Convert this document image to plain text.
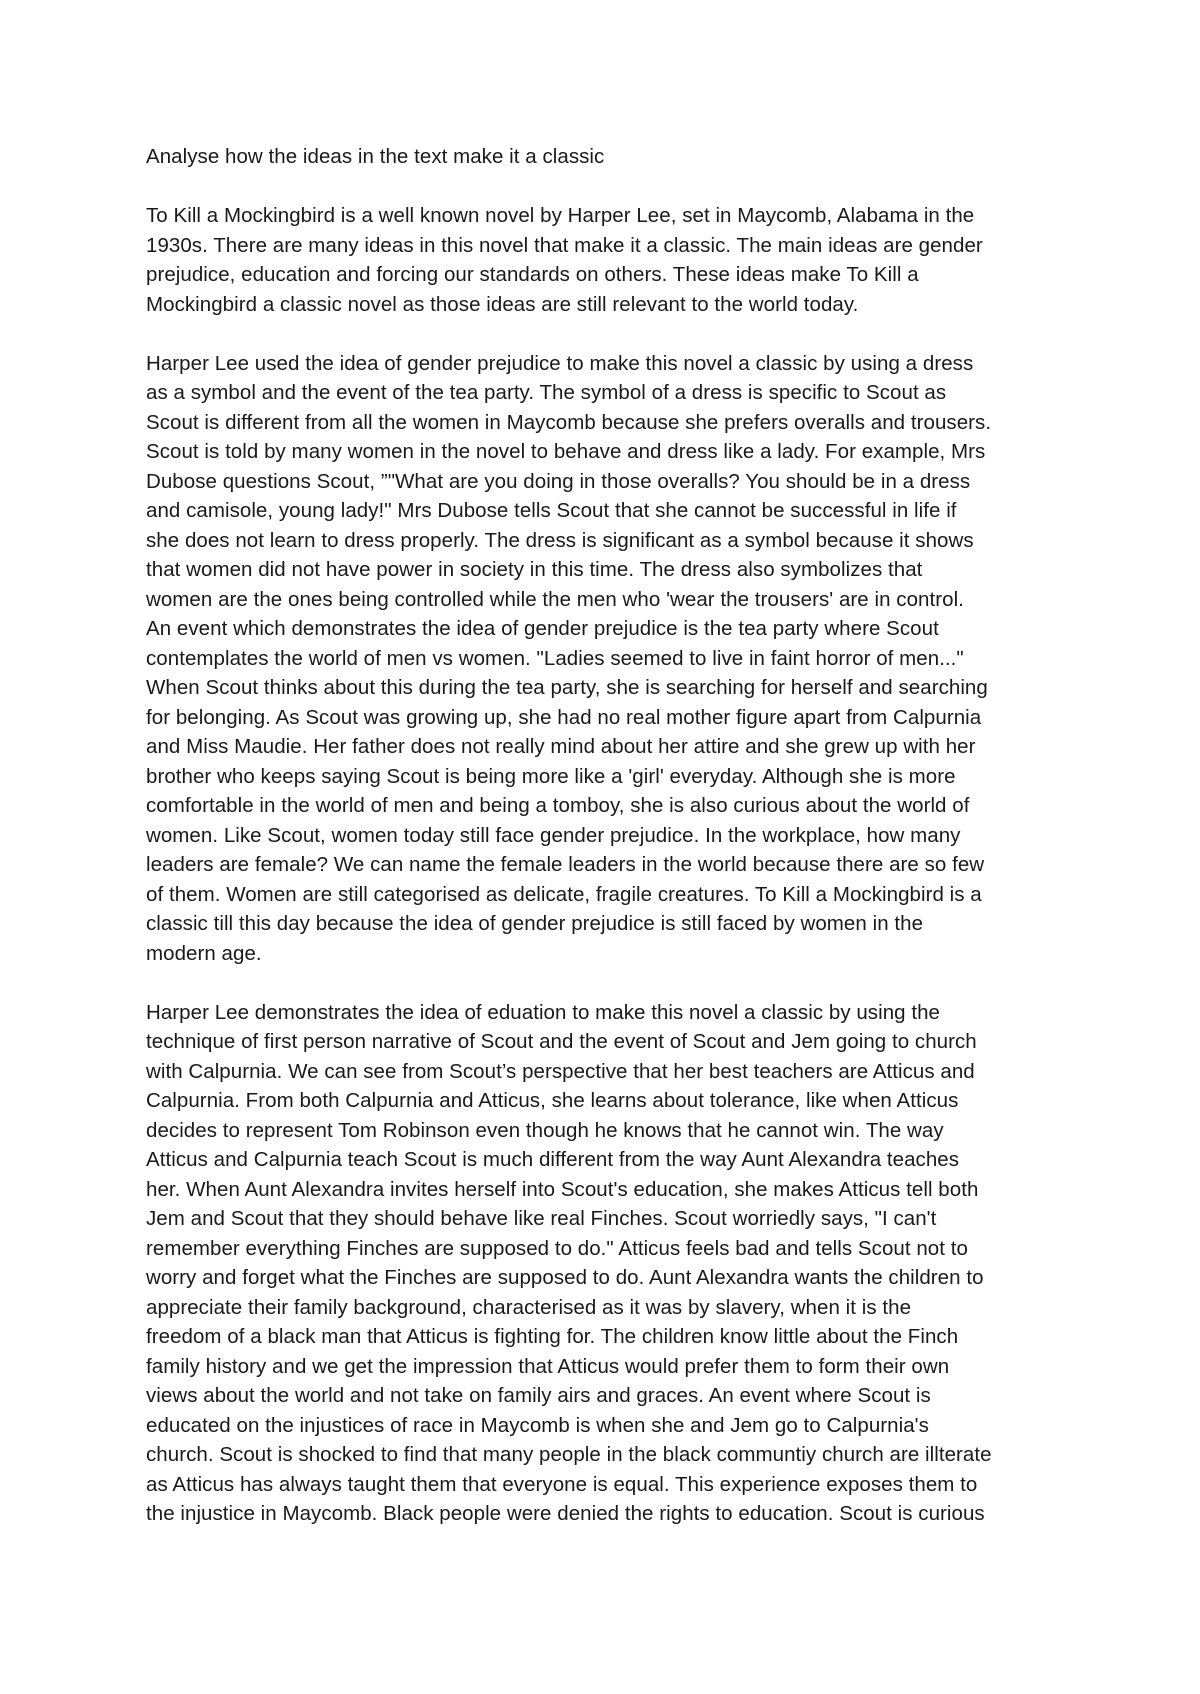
Analyse how the ideas in the text make it a classic
To Kill a Mockingbird is a well known novel by Harper Lee, set in Maycomb, Alabama in the
1930s. There are many ideas in this novel that make it a classic. The main ideas are gender
prejudice, education and forcing our standards on others. These ideas make To Kill a
Mockingbird a classic novel as those ideas are still relevant to the world today.
Harper Lee used the idea of gender prejudice to make this novel a classic by using a dress
as a symbol and the event of the tea party. The symbol of a dress is specific to Scout as
Scout is different from all the women in Maycomb because she prefers overalls and trousers.
Scout is told by many women in the novel to behave and dress like a lady. For example, Mrs
Dubose questions Scout, ”"What are you doing in those overalls? You should be in a dress
and camisole, young lady!" Mrs Dubose tells Scout that she cannot be successful in life if
she does not learn to dress properly. The dress is significant as a symbol because it shows
that women did not have power in society in this time. The dress also symbolizes that
women are the ones being controlled while the men who 'wear the trousers' are in control.
An event which demonstrates the idea of gender prejudice is the tea party where Scout
contemplates the world of men vs women. "Ladies seemed to live in faint horror of men..."
When Scout thinks about this during the tea party, she is searching for herself and searching
for belonging. As Scout was growing up, she had no real mother figure apart from Calpurnia
and Miss Maudie. Her father does not really mind about her attire and she grew up with her
brother who keeps saying Scout is being more like a 'girl' everyday. Although she is more
comfortable in the world of men and being a tomboy, she is also curious about the world of
women. Like Scout, women today still face gender prejudice. In the workplace, how many
leaders are female? We can name the female leaders in the world because there are so few
of them. Women are still categorised as delicate, fragile creatures. To Kill a Mockingbird is a
classic till this day because the idea of gender prejudice is still faced by women in the
modern age.
Harper Lee demonstrates the idea of eduation to make this novel a classic by using the
technique of first person narrative of Scout and the event of Scout and Jem going to church
with Calpurnia. We can see from Scout’s perspective that her best teachers are Atticus and
Calpurnia. From both Calpurnia and Atticus, she learns about tolerance, like when Atticus
decides to represent Tom Robinson even though he knows that he cannot win. The way
Atticus and Calpurnia teach Scout is much different from the way Aunt Alexandra teaches
her. When Aunt Alexandra invites herself into Scout's education, she makes Atticus tell both
Jem and Scout that they should behave like real Finches. Scout worriedly says, "I can't
remember everything Finches are supposed to do." Atticus feels bad and tells Scout not to
worry and forget what the Finches are supposed to do. Aunt Alexandra wants the children to
appreciate their family background, characterised as it was by slavery, when it is the
freedom of a black man that Atticus is fighting for. The children know little about the Finch
family history and we get the impression that Atticus would prefer them to form their own
views about the world and not take on family airs and graces. An event where Scout is
educated on the injustices of race in Maycomb is when she and Jem go to Calpurnia's
church. Scout is shocked to find that many people in the black communtiy church are illterate
as Atticus has always taught them that everyone is equal. This experience exposes them to
the injustice in Maycomb. Black people were denied the rights to education. Scout is curious
